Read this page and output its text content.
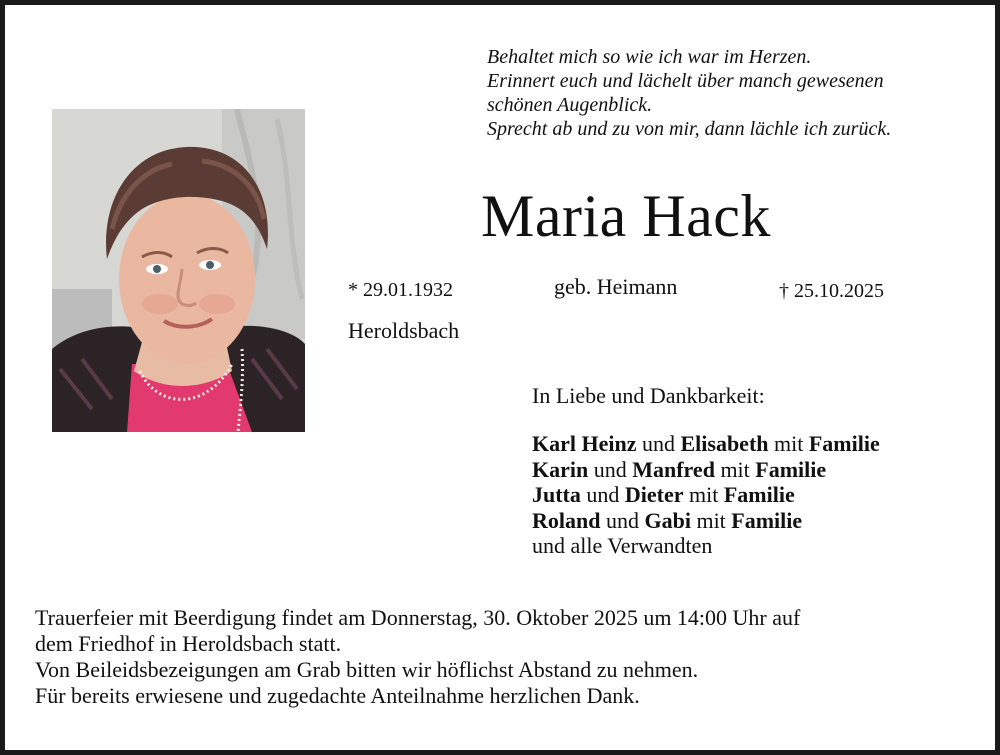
Behaltet mich so wie ich war im Herzen.
Erinnert euch und lächelt über manch gewesenen
schönen Augenblick.
Sprecht ab und zu von mir, dann lächle ich zurück.
Maria Hack
* 29.01.1932	geb. Heimann	† 25.10.2025
Heroldsbach
In Liebe und Dankbarkeit:
Karl Heinz und Elisabeth mit Familie
Karin und Manfred mit Familie
Jutta und Dieter mit Familie
Roland und Gabi mit Familie
und alle Verwandten
Trauerfeier mit Beerdigung findet am Donnerstag, 30. Oktober 2025 um 14:00 Uhr auf
dem Friedhof in Heroldsbach statt.
Von Beileidsbezeigungen am Grab bitten wir höflichst Abstand zu nehmen.
Für bereits erwiesene und zugedachte Anteilnahme herzlichen Dank.
